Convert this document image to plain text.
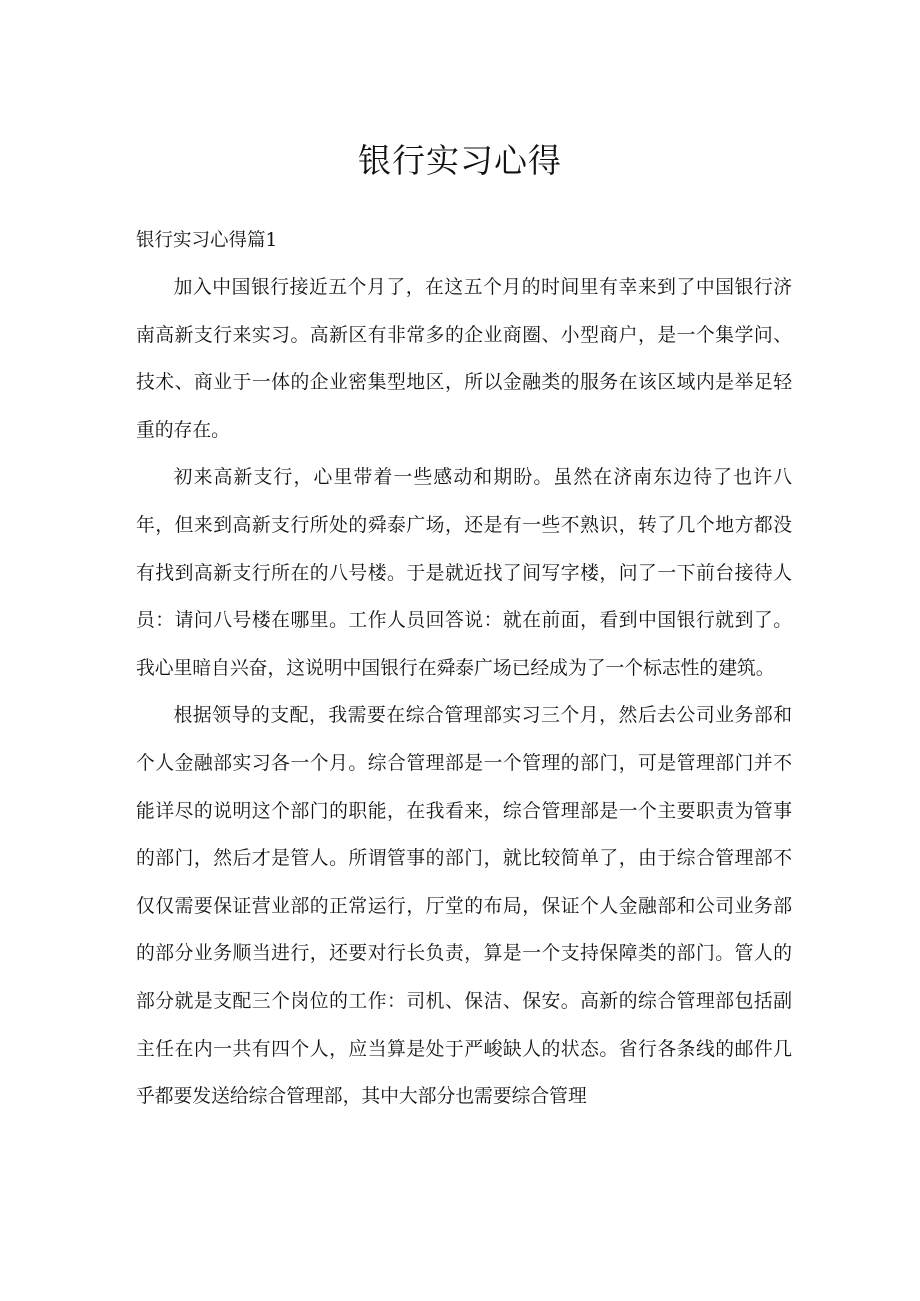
银行实习心得
银行实习心得篇1

加入中国银行接近五个月了，在这五个月的时间里有幸来到了中国银行济南高新支行来实习。高新区有非常多的企业商圈、小型商户，是一个集学问、技术、商业于一体的企业密集型地区，所以金融类的服务在该区域内是举足轻重的存在。

初来高新支行，心里带着一些感动和期盼。虽然在济南东边待了也许八年，但来到高新支行所处的舜泰广场，还是有一些不熟识，转了几个地方都没有找到高新支行所在的八号楼。于是就近找了间写字楼，问了一下前台接待人员：请问八号楼在哪里。工作人员回答说：就在前面，看到中国银行就到了。我心里暗自兴奋，这说明中国银行在舜泰广场已经成为了一个标志性的建筑。

根据领导的支配，我需要在综合管理部实习三个月，然后去公司业务部和个人金融部实习各一个月。综合管理部是一个管理的部门，可是管理部门并不能详尽的说明这个部门的职能，在我看来，综合管理部是一个主要职责为管事的部门，然后才是管人。所谓管事的部门，就比较简单了，由于综合管理部不仅仅需要保证营业部的正常运行，厅堂的布局，保证个人金融部和公司业务部的部分业务顺当进行，还要对行长负责，算是一个支持保障类的部门。管人的部分就是支配三个岗位的工作：司机、保洁、保安。高新的综合管理部包括副主任在内一共有四个人，应当算是处于严峻缺人的状态。省行各条线的邮件几乎都要发送给综合管理部，其中大部分也需要综合管理
